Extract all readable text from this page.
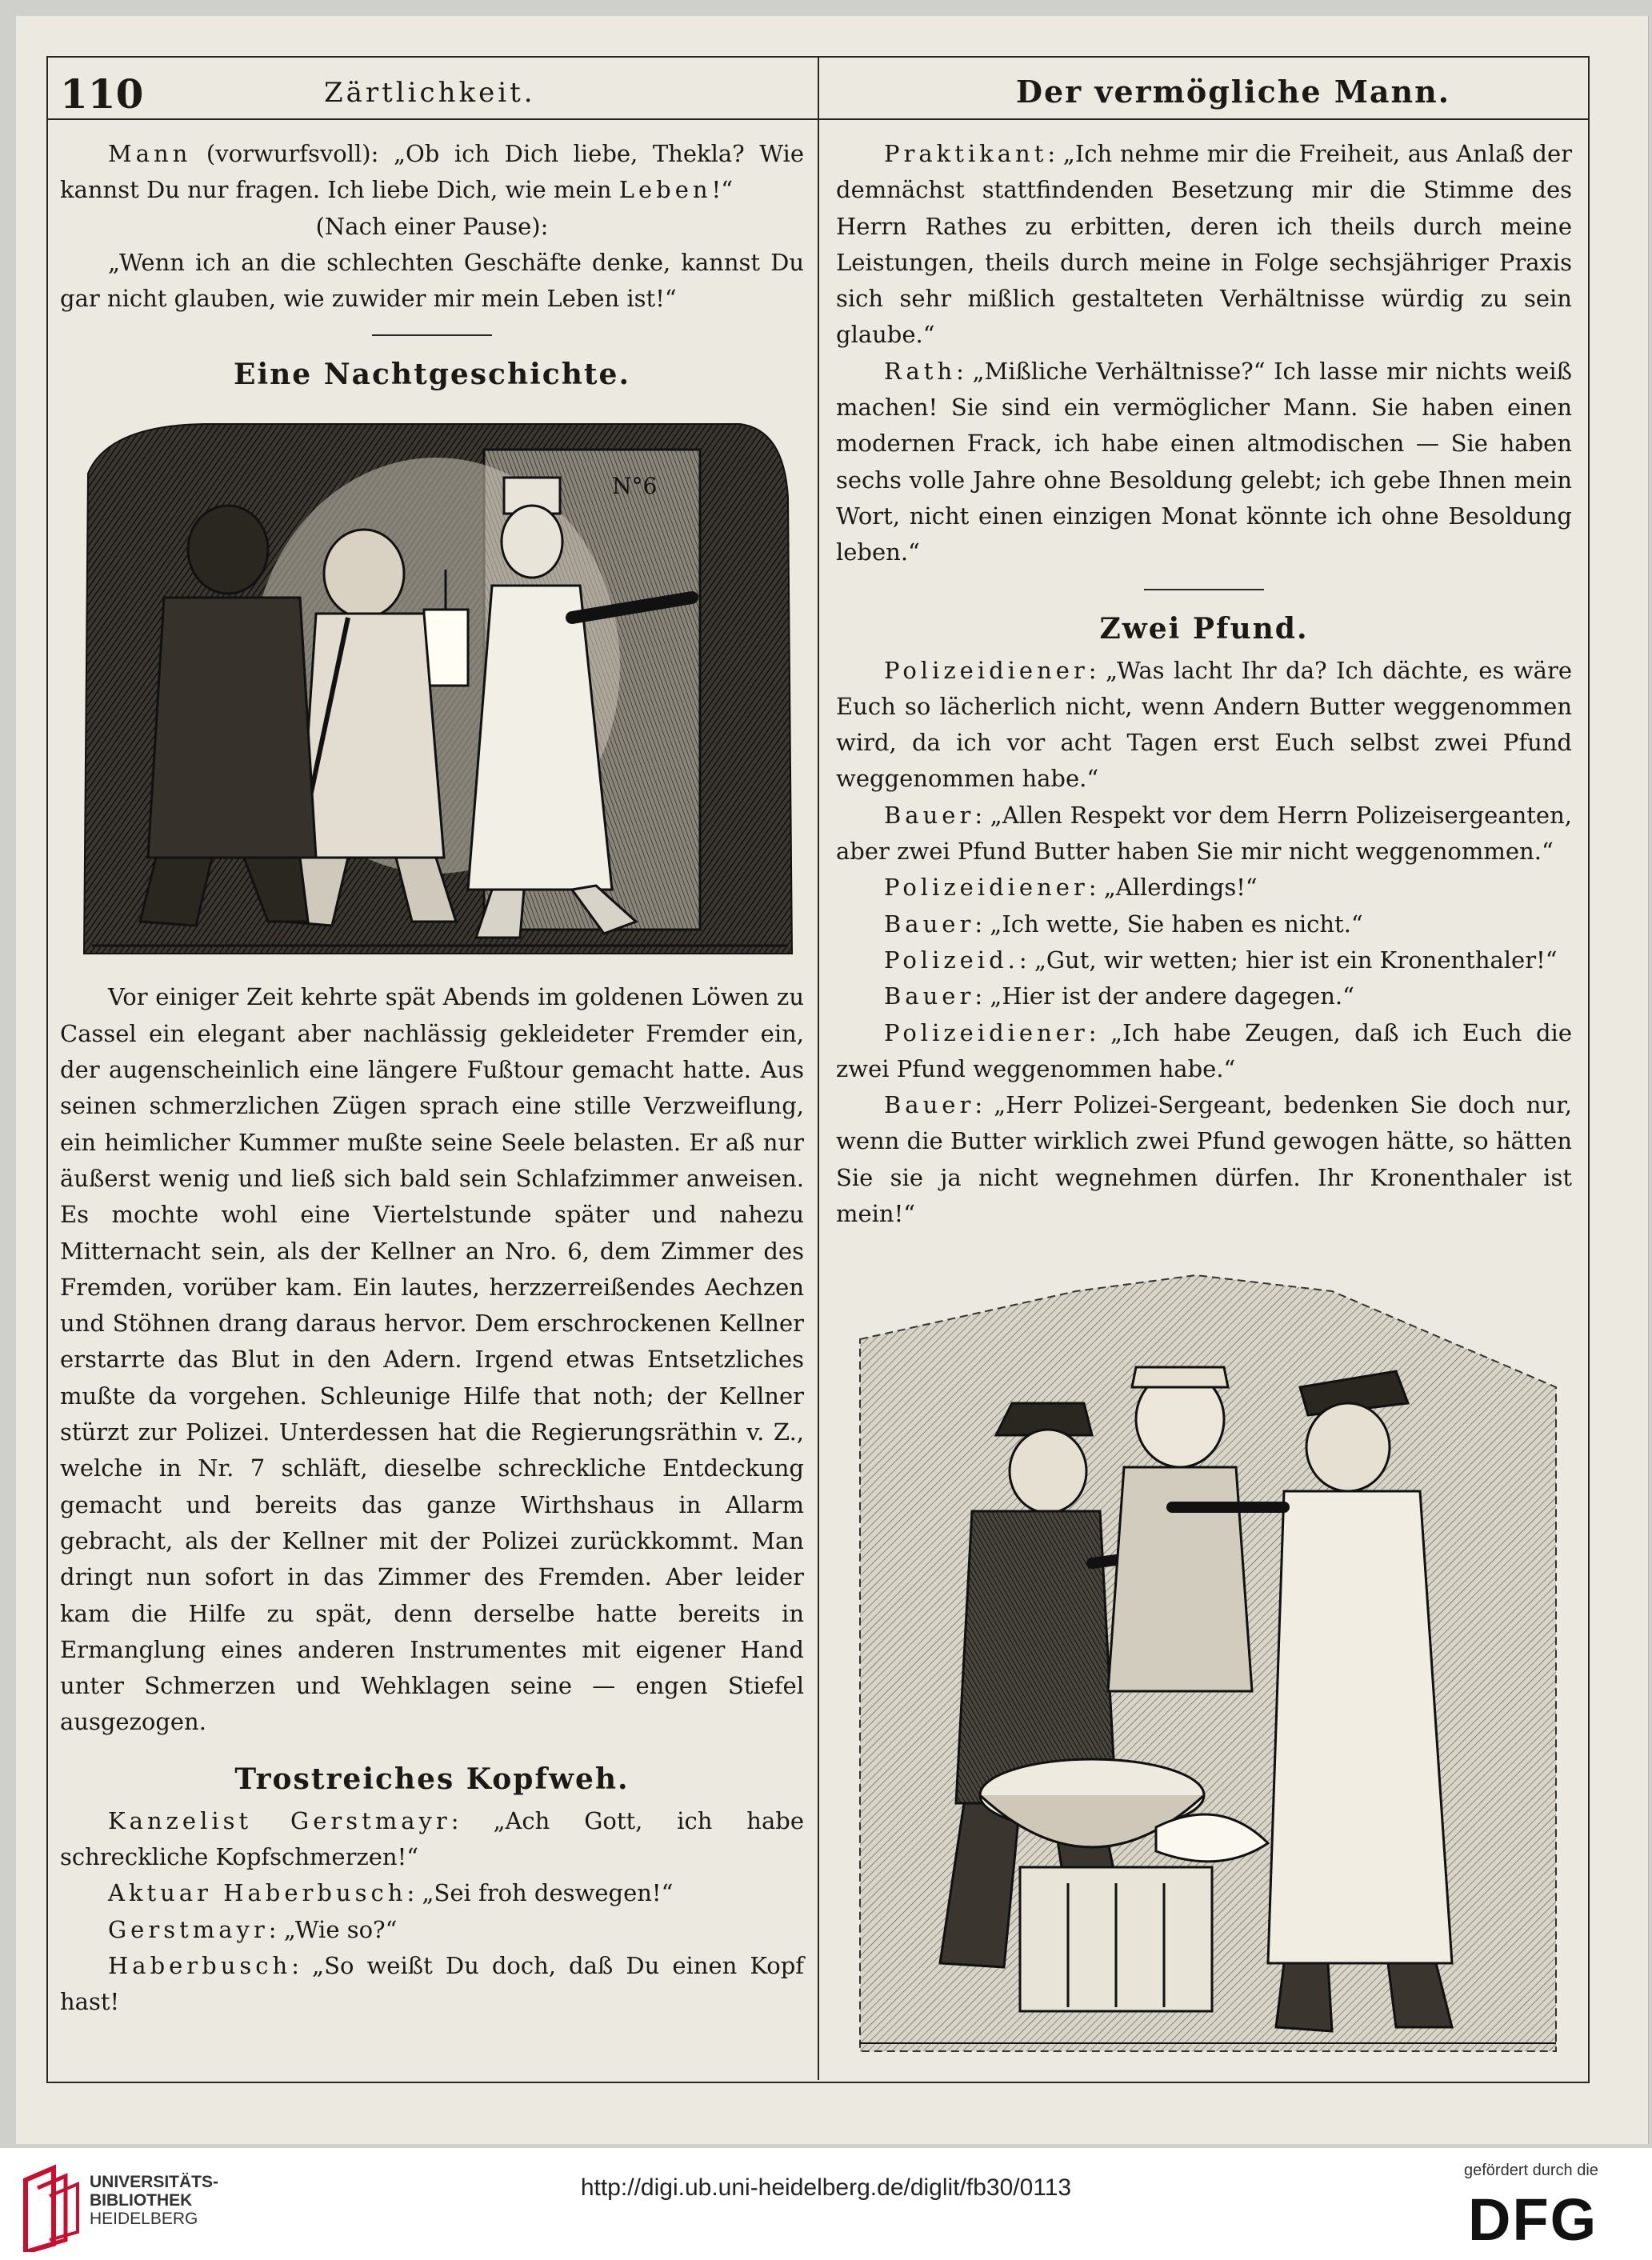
110	Zärtlichkeit.	Der vermögliche Mann.

Mann (vorwurfsvoll): „Ob ich Dich liebe, Thekla? Wie kannst Du nur fragen. Ich liebe Dich, wie mein Leben!“

(Nach einer Pause):

„Wenn ich an die schlechten Geschäfte denke, kannst Du gar nicht glauben, wie zuwider mir mein Leben ist!“

Eine Nachtgeschichte.
N°6

Vor einiger Zeit kehrte spät Abends im goldenen Löwen zu Cassel ein elegant aber nachlässig gekleideter Fremder ein, der augenscheinlich eine längere Fußtour gemacht hatte. Aus seinen schmerzlichen Zügen sprach eine stille Verzweiflung, ein heimlicher Kummer mußte seine Seele belasten. Er aß nur äußerst wenig und ließ sich bald sein Schlafzimmer anweisen. Es mochte wohl eine Viertelstunde später und nahezu Mitternacht sein, als der Kellner an Nro. 6, dem Zimmer des Fremden, vorüber kam. Ein lautes, herzzerreißendes Aechzen und Stöhnen drang daraus hervor. Dem erschrockenen Kellner erstarrte das Blut in den Adern. Irgend etwas Entsetzliches mußte da vorgehen. Schleunige Hilfe that noth; der Kellner stürzt zur Polizei. Unterdessen hat die Regierungsräthin v. Z., welche in Nr. 7 schläft, dieselbe schreckliche Entdeckung gemacht und bereits das ganze Wirthshaus in Allarm gebracht, als der Kellner mit der Polizei zurückkommt. Man dringt nun sofort in das Zimmer des Fremden. Aber leider kam die Hilfe zu spät, denn derselbe hatte bereits in Ermanglung eines anderen Instrumentes mit eigener Hand unter Schmerzen und Wehklagen seine — engen Stiefel ausgezogen.

Trostreiches Kopfweh.

Kanzelist Gerstmayr: „Ach Gott, ich habe schreckliche Kopfschmerzen!“

Aktuar Haberbusch: „Sei froh deswegen!“

Gerstmayr: „Wie so?“

Haberbusch: „So weißt Du doch, daß Du einen Kopf hast!

Praktikant: „Ich nehme mir die Freiheit, aus Anlaß der demnächst stattfindenden Besetzung mir die Stimme des Herrn Rathes zu erbitten, deren ich theils durch meine Leistungen, theils durch meine in Folge sechsjähriger Praxis sich sehr mißlich gestalteten Verhältnisse würdig zu sein glaube.“

Rath: „Mißliche Verhältnisse?“ Ich lasse mir nichts weiß machen! Sie sind ein vermöglicher Mann. Sie haben einen modernen Frack, ich habe einen altmodischen — Sie haben sechs volle Jahre ohne Besoldung gelebt; ich gebe Ihnen mein Wort, nicht einen einzigen Monat könnte ich ohne Besoldung leben.“

Zwei Pfund.

Polizeidiener: „Was lacht Ihr da? Ich dächte, es wäre Euch so lächerlich nicht, wenn Andern Butter weggenommen wird, da ich vor acht Tagen erst Euch selbst zwei Pfund weggenommen habe.“

Bauer: „Allen Respekt vor dem Herrn Polizeisergeanten, aber zwei Pfund Butter haben Sie mir nicht weggenommen.“

Polizeidiener: „Allerdings!“

Bauer: „Ich wette, Sie haben es nicht.“

Polizeid.: „Gut, wir wetten; hier ist ein Kronenthaler!“

Bauer: „Hier ist der andere dagegen.“

Polizeidiener: „Ich habe Zeugen, daß ich Euch die zwei Pfund weggenommen habe.“

Bauer: „Herr Polizei-Sergeant, bedenken Sie doch nur, wenn die Butter wirklich zwei Pfund gewogen hätte, so hätten Sie sie ja nicht wegnehmen dürfen. Ihr Kronenthaler ist mein!“

UNIVERSITÄTS-
BIBLIOTHEK
HEIDELBERG
http://digi.ub.uni-heidelberg.de/diglit/fb30/0113
gefördert durch die
DFG
